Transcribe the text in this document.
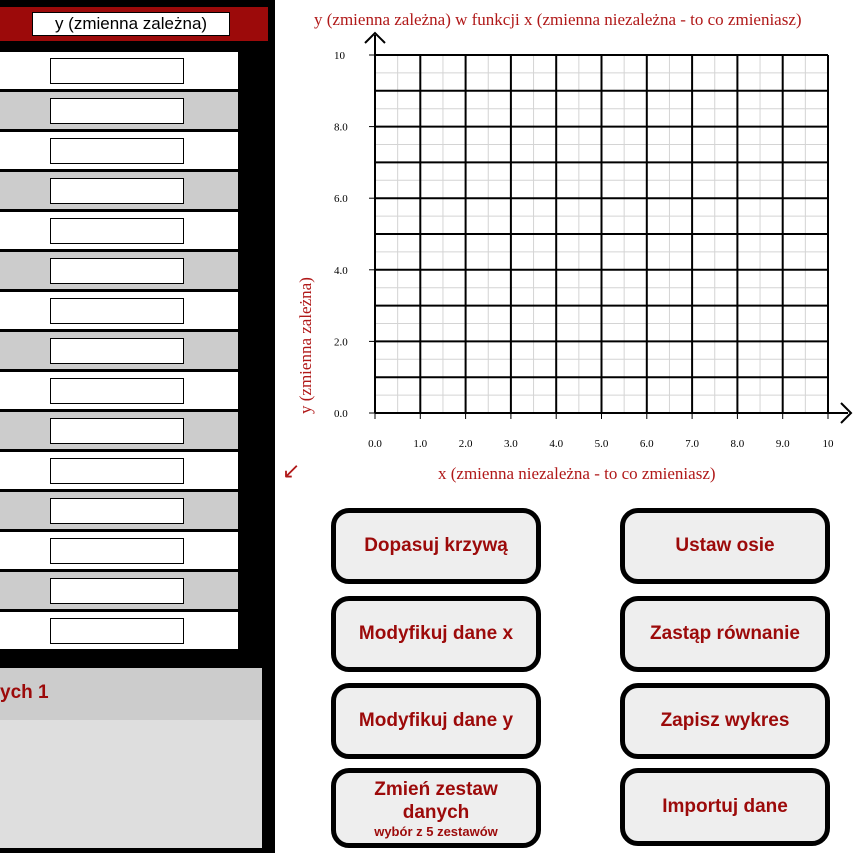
y (zmienna zależna)
ych 1
y (zmienna zależna) w funkcji x (zmienna niezależna - to co zmieniasz)
0.0	1.0	2.0	3.0	4.0	5.0	6.0	7.0	8.0	9.0	10
0.0
2.0
4.0
6.0
8.0
10
y (zmienna zależna)
x (zmienna niezależna - to co zmieniasz)
↙
Dopasuj krzywą	Ustaw osie
Modyfikuj dane x	Zastąp równanie
Modyfikuj dane y	Zapisz wykres
Zmień zestaw
danych
wybór z 5 zestawów
Importuj dane
